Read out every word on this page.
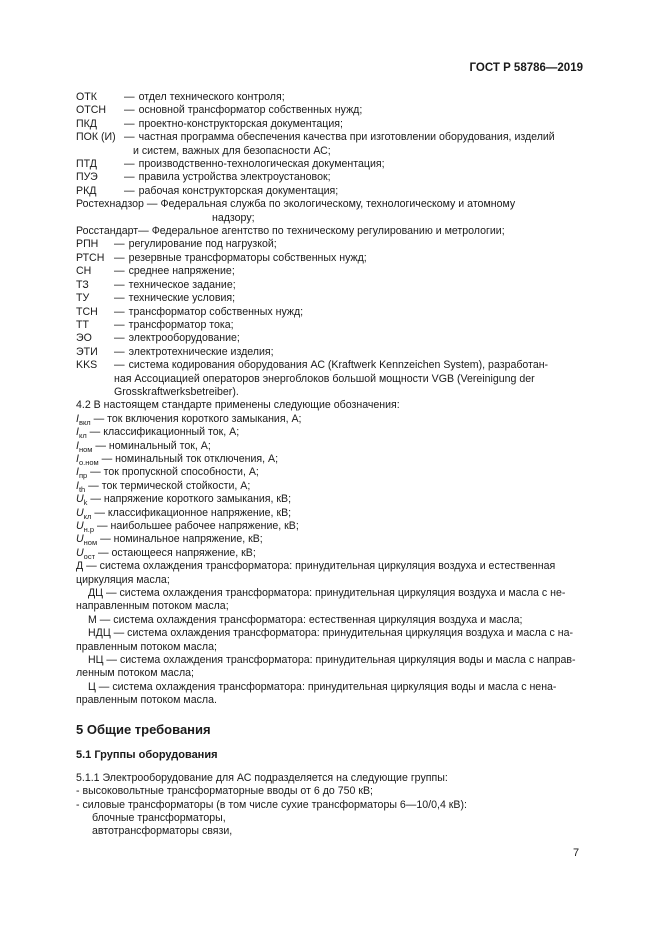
ГОСТ Р 58786—2019
ОТК	— отдел технического контроля;
ОТСН	— основной трансформатор собственных нужд;
ПКД	— проектно-конструкторская документация;
ПОК (И) — частная программа обеспечения качества при изготовлении оборудования, изделий
и систем, важных для безопасности АС;
ПТД	— производственно-технологическая документация;
ПУЭ	— правила устройства электроустановок;
РКД	— рабочая конструкторская документация;
Ростехнадзор — Федеральная служба по экологическому, технологическому и атомному
надзору;
Росстандарт— Федеральное агентство по техническому регулированию и метрологии;
РПН	— регулирование под нагрузкой;
РТСН — резервные трансформаторы собственных нужд;
СН	— среднее напряжение;
ТЗ	— техническое задание;
ТУ	— технические условия;
ТСН	— трансформатор собственных нужд;
ТТ	— трансформатор тока;
ЭО	— электрооборудование;
ЭТИ	— электротехнические изделия;
KKS	— система кодирования оборудования АС (Kraftwerk Kennzeichen System), разработан-
ная Ассоциацией операторов энергоблоков большой мощности VGB (Vereinigung der
Grosskraftwerksbetreiber).
4.2 В настоящем стандарте применены следующие обозначения:
$I_{вкл}$ — ток включения короткого замыкания, А;
$I_{кл}$ — классификационный ток, А;
$I_{ном}$ — номинальный ток, А;
$I_{о.ном}$ — номинальный ток отключения, А;
$I_{пр}$ — ток пропускной способности, А;
$I_{th}$ — ток термической стойкости, А;
$U_k$ — напряжение короткого замыкания, кВ;
$U_{кл}$ — классификационное напряжение, кВ;
$U_{н.р}$ — наибольшее рабочее напряжение, кВ;
$U_{ном}$ — номинальное напряжение, кВ;
$U_{ост}$ — остающееся напряжение, кВ;
Д — система охлаждения трансформатора: принудительная циркуляция воздуха и естественная
циркуляция масла;
ДЦ — система охлаждения трансформатора: принудительная циркуляция воздуха и масла с не-
направленным потоком масла;
М — система охлаждения трансформатора: естественная циркуляция воздуха и масла;
НДЦ — система охлаждения трансформатора: принудительная циркуляция воздуха и масла с на-
правленным потоком масла;
НЦ — система охлаждения трансформатора: принудительная циркуляция воды и масла с направ-
ленным потоком масла;
Ц — система охлаждения трансформатора: принудительная циркуляция воды и масла с нена-
правленным потоком масла.
5 Общие требования
5.1 Группы оборудования
5.1.1 Электрооборудование для АС подразделяется на следующие группы:
- высоковольтные трансформаторные вводы от 6 до 750 кВ;
- силовые трансформаторы (в том числе сухие трансформаторы 6—10/0,4 кВ):
блочные трансформаторы,
автотрансформаторы связи,
7
